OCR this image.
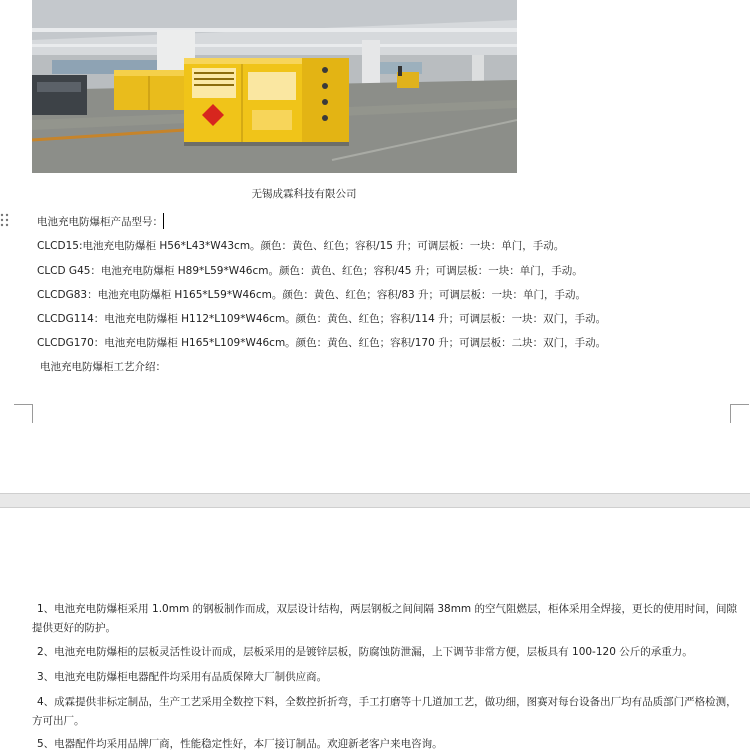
无锡成霖科技有限公司
电池充电防爆柜产品型号：
CLCD15:电池充电防爆柜 H56*L43*W43cm。颜色：黄色、红色；容积/15 升；可调层板：一块：单门，手动。
CLCD G45：电池充电防爆柜 H89*L59*W46cm。颜色：黄色、红色；容积/45 升；可调层板：一块：单门，手动。
CLCDG83：电池充电防爆柜 H165*L59*W46cm。颜色：黄色、红色；容积/83 升；可调层板：一块：单门，手动。
CLCDG114：电池充电防爆柜 H112*L109*W46cm。颜色：黄色、红色；容积/114 升；可调层板：一块：双门，手动。
CLCDG170：电池充电防爆柜 H165*L109*W46cm。颜色：黄色、红色；容积/170 升；可调层板：二块：双门，手动。
电池充电防爆柜工艺介绍：
1、电池充电防爆柜采用 1.0mm 的钢板制作而成，双层设计结构，两层钢板之间间隔 38mm 的空气阻燃层，柜体采用全焊接，更长的使用时间，间隙
提供更好的防护。
2、电池充电防爆柜的层板灵活性设计而成，层板采用的是镀锌层板，防腐蚀防泄漏，上下调节非常方便，层板具有 100-120 公斤的承重力。
3、电池充电防爆柜电器配件均采用有品质保障大厂制供应商。
4、成霖提供非标定制品，生产工艺采用全数控下料，全数控折折弯，手工打磨等十几道加工艺，做功细，图赛对每台设备出厂均有品质部门严格检测，
方可出厂。
5、电器配件均采用品牌厂商，性能稳定性好，本厂接订制品。欢迎新老客户来电咨询。
